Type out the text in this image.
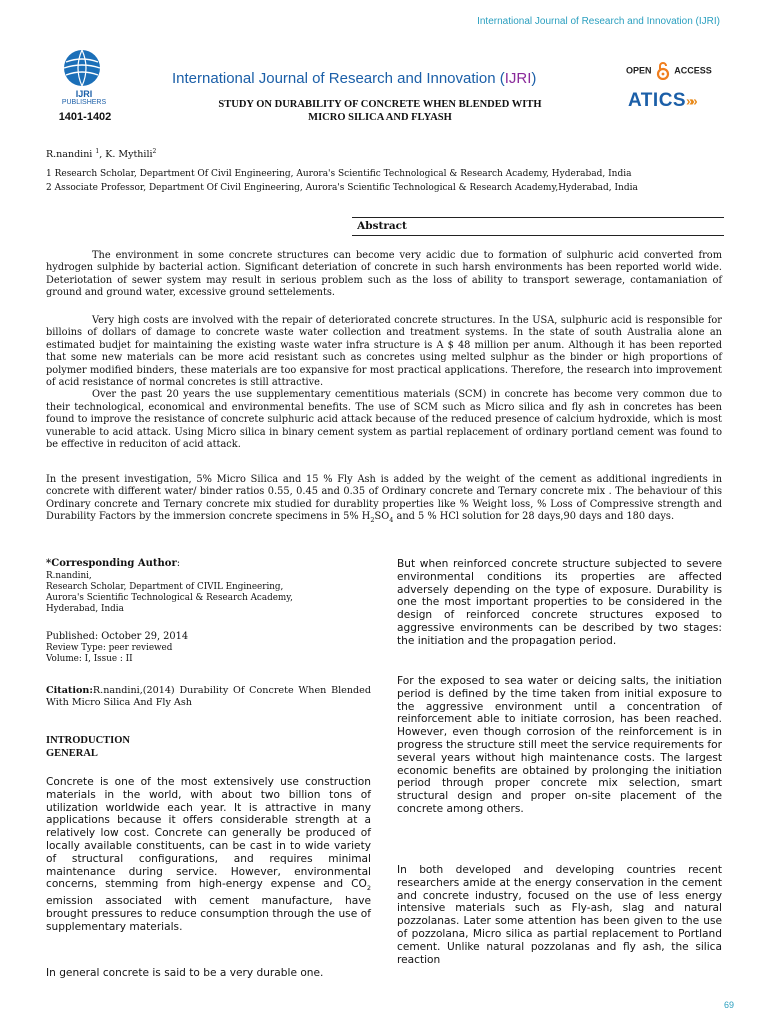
International Journal of Research and Innovation (IJRI)
IJRI
PUBLISHERS
1401-1402
International Journal of Research and Innovation (IJRI)
STUDY ON DURABILITY OF CONCRETE WHEN BLENDED WITH
MICRO SILICA AND FLYASH
OPEN	ACCESS
ATICS»»
R.nandini $^1$, K. Mythili$^2$
1 Research Scholar, Department Of Civil Engineering, Aurora's Scientific Technological & Research Academy, Hyderabad, India
2 Associate Professor, Department Of Civil Engineering, Aurora's Scientific Technological & Research Academy,Hyderabad, India
Abstract

The environment in some concrete structures can become very acidic due to formation of sulphuric acid converted from hydrogen sulphide by bacterial action. Significant deteriation of concrete in such harsh environments has been reported world wide. Deteriotation of sewer system may result in serious problem such as the loss of ability to transport sewerage, contamaniation of ground and ground water, excessive ground settelements.

Very high costs are involved with the repair of deteriorated concrete structures. In the USA, sulphuric acid is responsible for billoins of dollars of damage to concrete waste water collection and treatment systems. In the state of south Australia alone an estimated budjet for maintaining the existing waste water infra structure is A $ 48 million per anum. Although it has been reported that some new materials can be more acid resistant such as concretes using melted sulphur as the binder or high proportions of polymer modified binders, these materials are too expansive for most practical applications. Therefore, the research into improvement of acid resistance of normal concretes is still attractive.

Over the past 20 years the use supplementary cementitious materials (SCM) in concrete has become very common due to their technological, economical and environmental benefits. The use of SCM such as Micro silica and fly ash in concretes has been found to improve the resistance of concrete sulphuric acid attack because of the reduced presence of calcium hydroxide, which is most vunerable to acid attack. Using Micro silica in binary cement system as partial replacement of ordinary portland cement was found to be effective in reduciton of acid attack.

In the present investigation, 5% Micro Silica and 15 % Fly Ash is added by the weight of the cement as additional ingredients in concrete with different water/ binder ratios 0.55, 0.45 and 0.35 of Ordinary concrete and Ternary concrete mix . The behaviour of this Ordinary concrete and Ternary concrete mix studied for durablity properties like % Weight loss, % Loss of Compressive strength and Durability Factors by the immersion concrete specimens in 5% $H_2SO_4$ and 5 % HCl solution for 28 days,90 days and 180 days.

*Corresponding Author:
R.nandini,
Research Scholar, Department of CIVIL Engineering,
Aurora's Scientific Technological & Research Academy,
Hyderabad, India
Published: October 29, 2014
Review Type: peer reviewed
Volume: I, Issue : II
Citation:R.nandini,(2014) Durability Of Concrete When Blended With Micro Silica And Fly Ash
INTRODUCTION
GENERAL
Concrete is one of the most extensively use construction materials in the world, with about two billion tons of utilization worldwide each year. It is attractive in many applications because it offers considerable strength at a relatively low cost. Concrete can generally be produced of locally available constituents, can be cast in to wide variety of structural configurations, and requires minimal maintenance during service. However, environmental concerns, stemming from high-energy expense and $CO_2$ emission associated with cement manufacture, have brought pressures to reduce consumption through the use of supplementary materials.
In general concrete is said to be a very durable one.
But when reinforced concrete structure subjected to severe environmental conditions its properties are affected adversely depending on the type of exposure. Durability is one the most important properties to be considered in the design of reinforced concrete structures exposed to aggressive environments can be described by two stages: the initiation and the propagation period.
For the exposed to sea water or deicing salts, the initiation period is defined by the time taken from initial exposure to the aggressive environment until a concentration of reinforcement able to initiate corrosion, has been reached. However, even though corrosion of the reinforcement is in progress the structure still meet the service requirements for several years without high maintenance costs. The largest economic benefits are obtained by prolonging the initiation period through proper concrete mix selection, smart structural design and proper on-site placement of the concrete among others.
In both developed and developing countries recent researchers amide at the energy conservation in the cement and concrete industry, focused on the use of less energy intensive materials such as Fly-ash, slag and natural pozzolanas. Later some attention has been given to the use of pozzolana, Micro silica as partial replacement to Portland cement. Unlike natural pozzolanas and fly ash, the silica reaction
69
